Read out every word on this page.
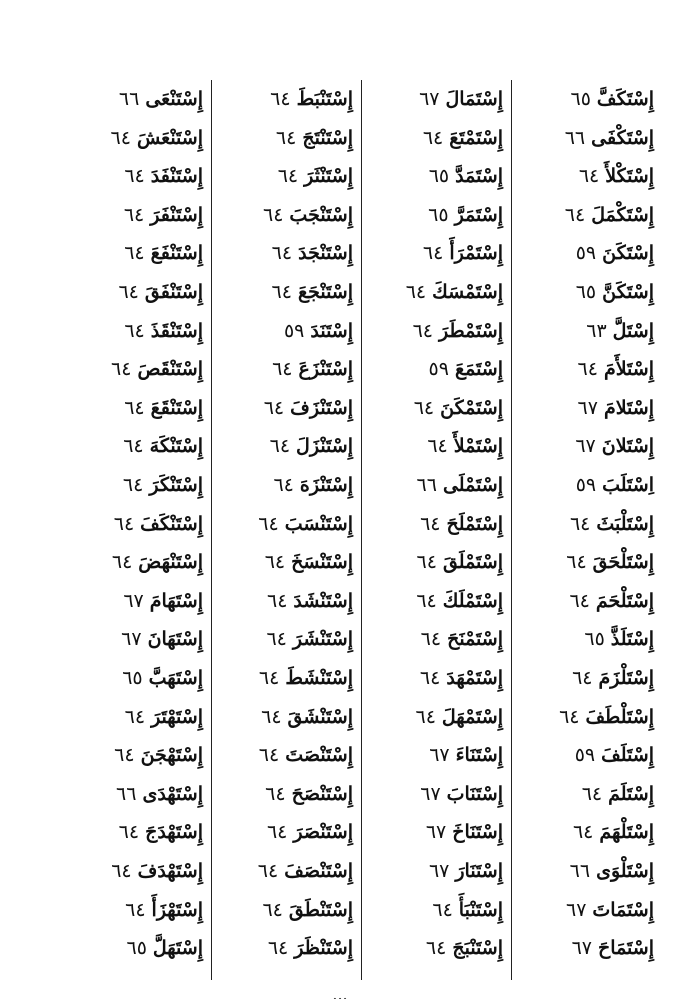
إِسْتَكَفَّ٦٥
إِسْتَكْفَى٦٦
إِسْتَكْلأَ٦٤
إِسْتَكْمَلَ٦٤
إِسْتَكَنَ٥٩
إِسْتَكَنَّ٦٥
إِسْتَلَّ٦٣
إِسْتَلأَمَ٦٤
إِسْتَلامَ٦٧
إِسْتَلانَ٦٧
اِسْتَلَبَ٥٩
إِسْتَلْبَثَ٦٤
إِسْتَلْحَقَ٦٤
إِسْتَلْحَمَ٦٤
إِسْتَلَذَّ٦٥
إِسْتَلْزَمَ٦٤
إِسْتَلْطَفَ٦٤
إِسْتَلَفَ٥٩
إِسْتَلَمَ٦٤
إِسْتَلْهَمَ٦٤
إِسْتَلْوَى٦٦
إِسْتَمَاتَ٦٧
إِسْتَمَاحَ٦٧
إِسْتَمَالَ٦٧
إِسْتَمْتَعَ٦٤
إِسْتَمَدَّ٦٥
إِسْتَمَرَّ٦٥
إِسْتَمْرَأَ٦٤
إِسْتَمْسَكَ٦٤
إِسْتَمْطَرَ٦٤
إِسْتَمَعَ٥٩
إِسْتَمْكَنَ٦٤
إِسْتَمْلأَ٦٤
إِسْتَمْلَى٦٦
إِسْتَمْلَحَ٦٤
إِسْتَمْلَقَ٦٤
إِسْتَمْلَكَ٦٤
إِسْتَمْنَحَ٦٤
إِسْتَمْهَدَ٦٤
إِسْتَمْهَلَ٦٤
إِسْتَنَاءَ٦٧
إِسْتَنَابَ٦٧
إِسْتَنَاخَ٦٧
إِسْتَنَارَ٦٧
إِسْتَنْبَأَ٦٤
إِسْتَنْبَجَ٦٤
إِسْتَنْبَطَ٦٤
إِسْتَنْتَجَ٦٤
إِسْتَنْثَرَ٦٤
إِسْتَنْجَبَ٦٤
إِسْتَنْجَدَ٦٤
إِسْتَنْجَعَ٦٤
إِسْتَنَدَ٥٩
إِسْتَنْزَعَ٦٤
إِسْتَنْزَفَ٦٤
إِسْتَنْزَلَ٦٤
إِسْتَنْزَهَ٦٤
إِسْتَنْسَبَ٦٤
إِسْتَنْسَخَ٦٤
إِسْتَنْشَدَ٦٤
إِسْتَنْشَرَ٦٤
إِسْتَنْشَطَ٦٤
إِسْتَنْشَقَ٦٤
إِسْتَنْصَتَ٦٤
إِسْتَنْصَحَ٦٤
إِسْتَنْصَرَ٦٤
إِسْتَنْصَفَ٦٤
إِسْتَنْطَقَ٦٤
إِسْتَنْظَرَ٦٤
إِسْتَنْعَى٦٦
إِسْتَنْعَشَ٦٤
إِسْتَنْفَدَ٦٤
إِسْتَنْفَرَ٦٤
إِسْتَنْفَعَ٦٤
إِسْتَنْفَقَ٦٤
إِسْتَنْقَذَ٦٤
إِسْتَنْقَصَ٦٤
إِسْتَنْقَعَ٦٤
إِسْتَنْكَهَ٦٤
إِسْتَنْكَرَ٦٤
إِسْتَنْكَفَ٦٤
إِسْتَنْهَضَ٦٤
إِسْتَهَامَ٦٧
إِسْتَهَانَ٦٧
إِسْتَهَبَّ٦٥
إِسْتَهْتَرَ٦٤
إِسْتَهْجَنَ٦٤
إِسْتَهْدَى٦٦
إِسْتَهْدَجَ٦٤
إِسْتَهْدَفَ٦٤
إِسْتَهْزَأَ٦٤
إِسْتَهَلَّ٦٥
...
